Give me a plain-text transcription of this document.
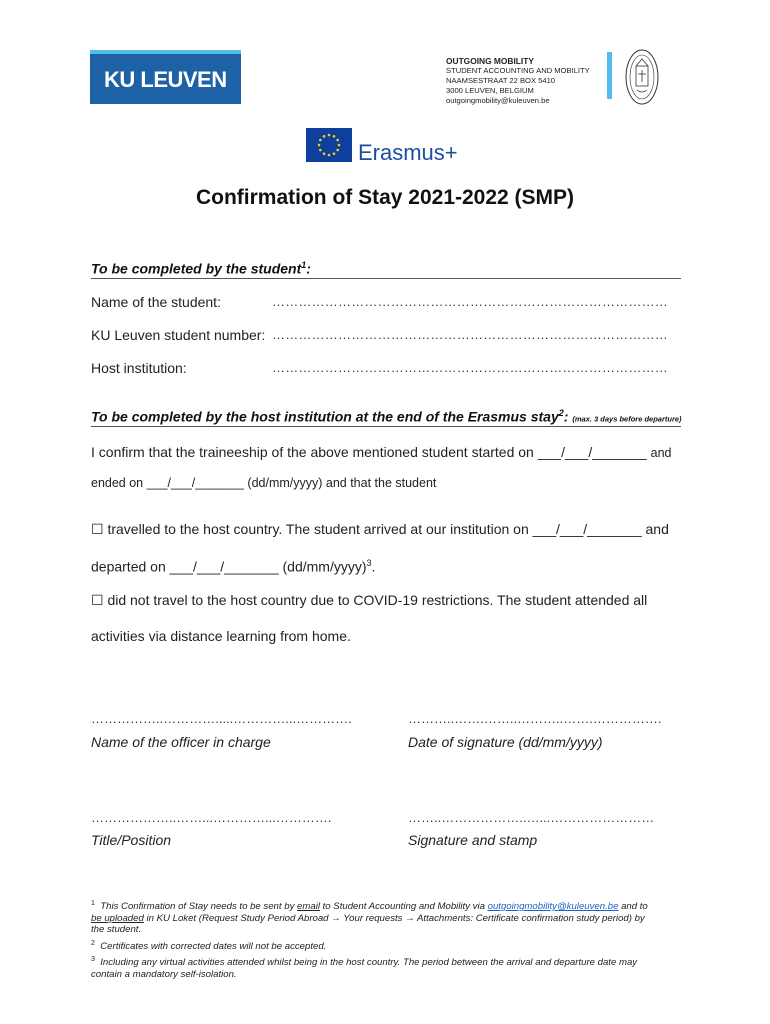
KU LEUVEN
OUTGOING MOBILITY
STUDENT ACCOUNTING AND MOBILITY
NAAMSESTRAAT 22 BOX 5410
3000 LEUVEN, BELGIUM
outgoingmobility@kuleuven.be
Erasmus+
Confirmation of Stay 2021-2022 (SMP)
To be completed by the student$^1$:
Name of the student:	………………………………………………………………………………
KU Leuven student number: ………………………………………………………………………………
Host institution:	………………………………………………………………………………
To be completed by the host institution at the end of the Erasmus stay$^2$: (max. 3 days before departure)
I confirm that the traineeship of the above mentioned student started on ___/___/_______ and
ended on ___/___/_______ (dd/mm/yyyy) and that the student
☐ travelled to the host country. The student arrived at our institution on ___/___/_______ and
departed on ___/___/_______ (dd/mm/yyyy)$^3$.
☐ did not travel to the host country due to COVID-19 restrictions. The student attended all
activities via distance learning from home.
……………..………….....…………...………….	………..…….……..………..…….…………….
Name of the officer in charge	Date of signature (dd/mm/yyyy)
………………..……...…………...………….	……..………………..…...……………………
Title/Position	Signature and stamp
$^1$ This Confirmation of Stay needs to be sent by email to Student Accounting and Mobility via outgoingmobility@kuleuven.be and to
be uploaded in KU Loket (Request Study Period Abroad → Your requests → Attachments: Certificate confirmation study period) by
the student.
$^2$ Certificates with corrected dates will not be accepted.
$^3$ Including any virtual activities attended whilst being in the host country. The period between the arrival and departure date may
contain a mandatory self-isolation.
